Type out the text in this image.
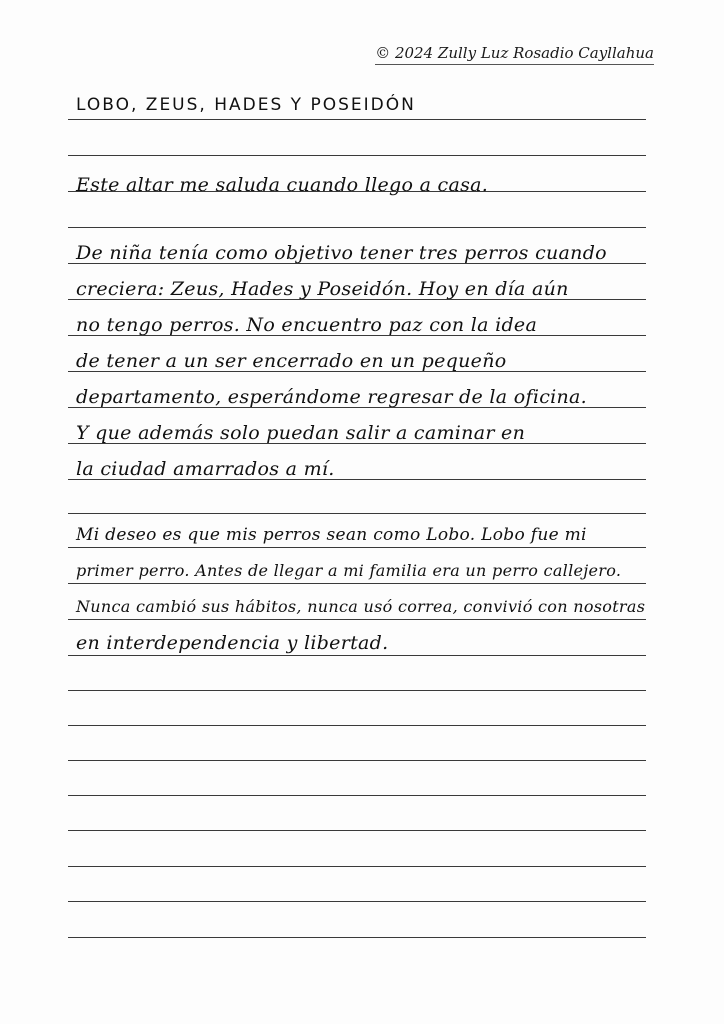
© 2024 Zully Luz Rosadio Cayllahua
LOBO, ZEUS, HADES Y POSEIDÓN
Este altar me saluda cuando llego a casa.
De niña tenía como objetivo tener tres perros cuando
creciera: Zeus, Hades y Poseidón. Hoy en día aún
no tengo perros. No encuentro paz con la idea
de tener a un ser encerrado en un pequeño
departamento, esperándome regresar de la oficina.
Y que además solo puedan salir a caminar en
la ciudad amarrados a mí.
Mi deseo es que mis perros sean como Lobo. Lobo fue mi
primer perro. Antes de llegar a mi familia era un perro callejero.
Nunca cambió sus hábitos, nunca usó correa, convivió con nosotras
en interdependencia y libertad.
